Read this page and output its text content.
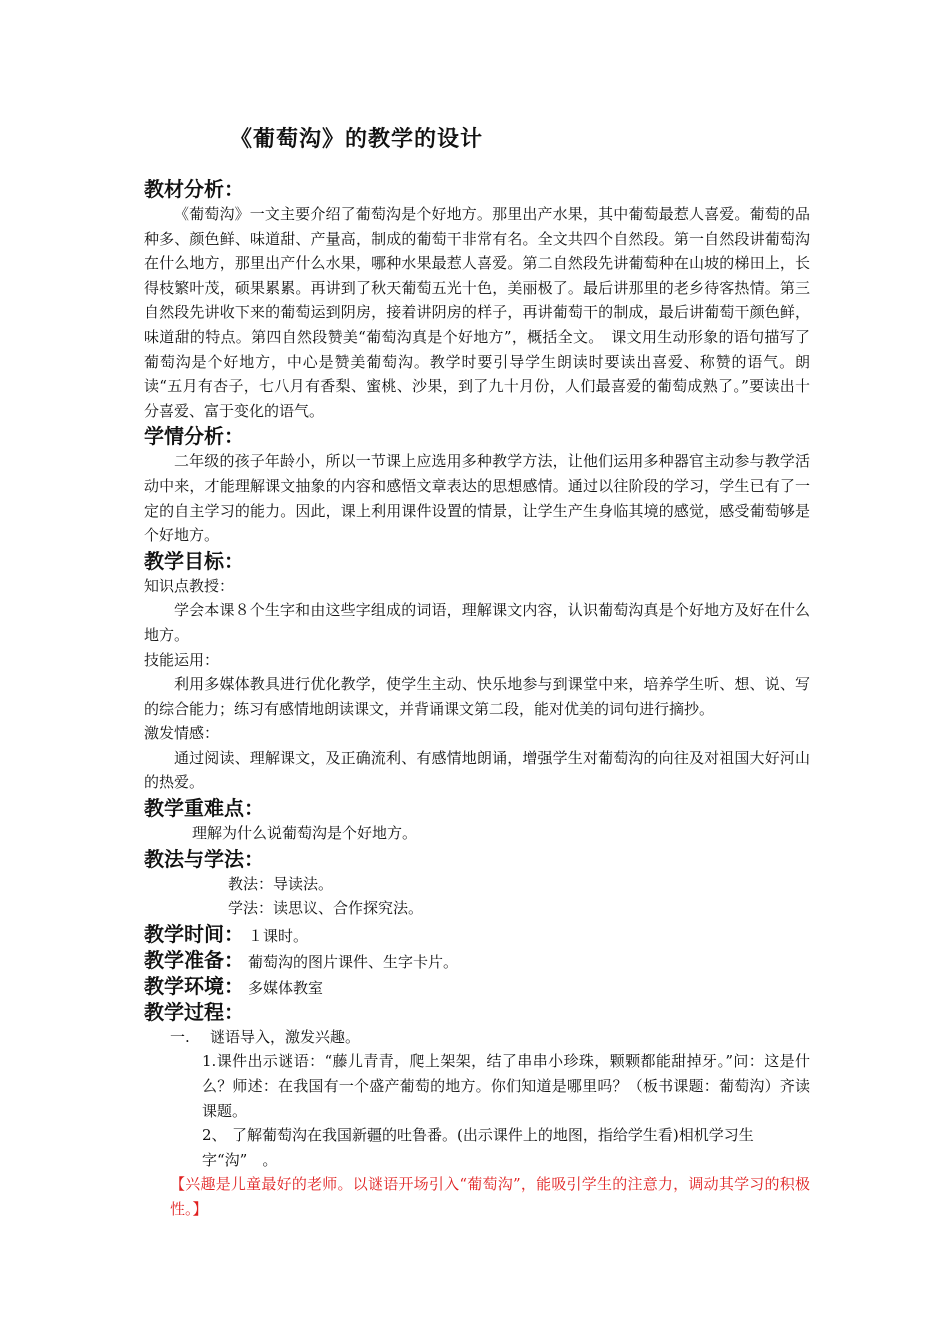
《葡萄沟》的教学的设计

教材分析：

《葡萄沟》一文主要介绍了葡萄沟是个好地方。那里出产水果，其中葡萄最惹人喜爱。葡萄的品种多、颜色鲜、味道甜、产量高，制成的葡萄干非常有名。全文共四个自然段。第一自然段讲葡萄沟在什么地方，那里出产什么水果，哪种水果最惹人喜爱。第二自然段先讲葡萄种在山坡的梯田上，长得枝繁叶茂，硕果累累。再讲到了秋天葡萄五光十色，美丽极了。最后讲那里的老乡待客热情。第三自然段先讲收下来的葡萄运到阴房，接着讲阴房的样子，再讲葡萄干的制成，最后讲葡萄干颜色鲜，味道甜的特点。第四自然段赞美“葡萄沟真是个好地方”，概括全文。　课文用生动形象的语句描写了葡萄沟是个好地方，中心是赞美葡萄沟。教学时要引导学生朗读时要读出喜爱、称赞的语气。朗读“五月有杏子，七八月有香梨、蜜桃、沙果，到了九十月份，人们最喜爱的葡萄成熟了。”要读出十分喜爱、富于变化的语气。

学情分析：

二年级的孩子年龄小，所以一节课上应选用多种教学方法，让他们运用多种器官主动参与教学活动中来，才能理解课文抽象的内容和感悟文章表达的思想感情。通过以往阶段的学习，学生已有了一定的自主学习的能力。因此，课上利用课件设置的情景，让学生产生身临其境的感觉，感受葡萄够是个好地方。

教学目标：

知识点教授：

学会本课８个生字和由这些字组成的词语，理解课文内容，认识葡萄沟真是个好地方及好在什么地方。

技能运用：

利用多媒体教具进行优化教学，使学生主动、快乐地参与到课堂中来，培养学生听、想、说、写的综合能力；练习有感情地朗读课文，并背诵课文第二段，能对优美的词句进行摘抄。

激发情感：

通过阅读、理解课文，及正确流利、有感情地朗诵，增强学生对葡萄沟的向往及对祖国大好河山的热爱。

教学重难点：

理解为什么说葡萄沟是个好地方。

教法与学法：

教法：导读法。

学法：读思议、合作探究法。

教学时间： １课时。

教学准备： 葡萄沟的图片课件、生字卡片。

教学环境： 多媒体教室

教学过程：

一. 谜语导入，激发兴趣。
1.课件出示谜语：“藤儿青青，爬上架架，结了串串小珍珠，颗颗都能甜掉牙。”问：这是什么？师述：在我国有一个盛产葡萄的地方。你们知道是哪里吗？（板书课题：葡萄沟）齐读课题。
2、 了解葡萄沟在我国新疆的吐鲁番。(出示课件上的地图，指给学生看)相机学习生字“沟”　。
【兴趣是儿童最好的老师。以谜语开场引入“葡萄沟”，能吸引学生的注意力，调动其学习的积极性。】
